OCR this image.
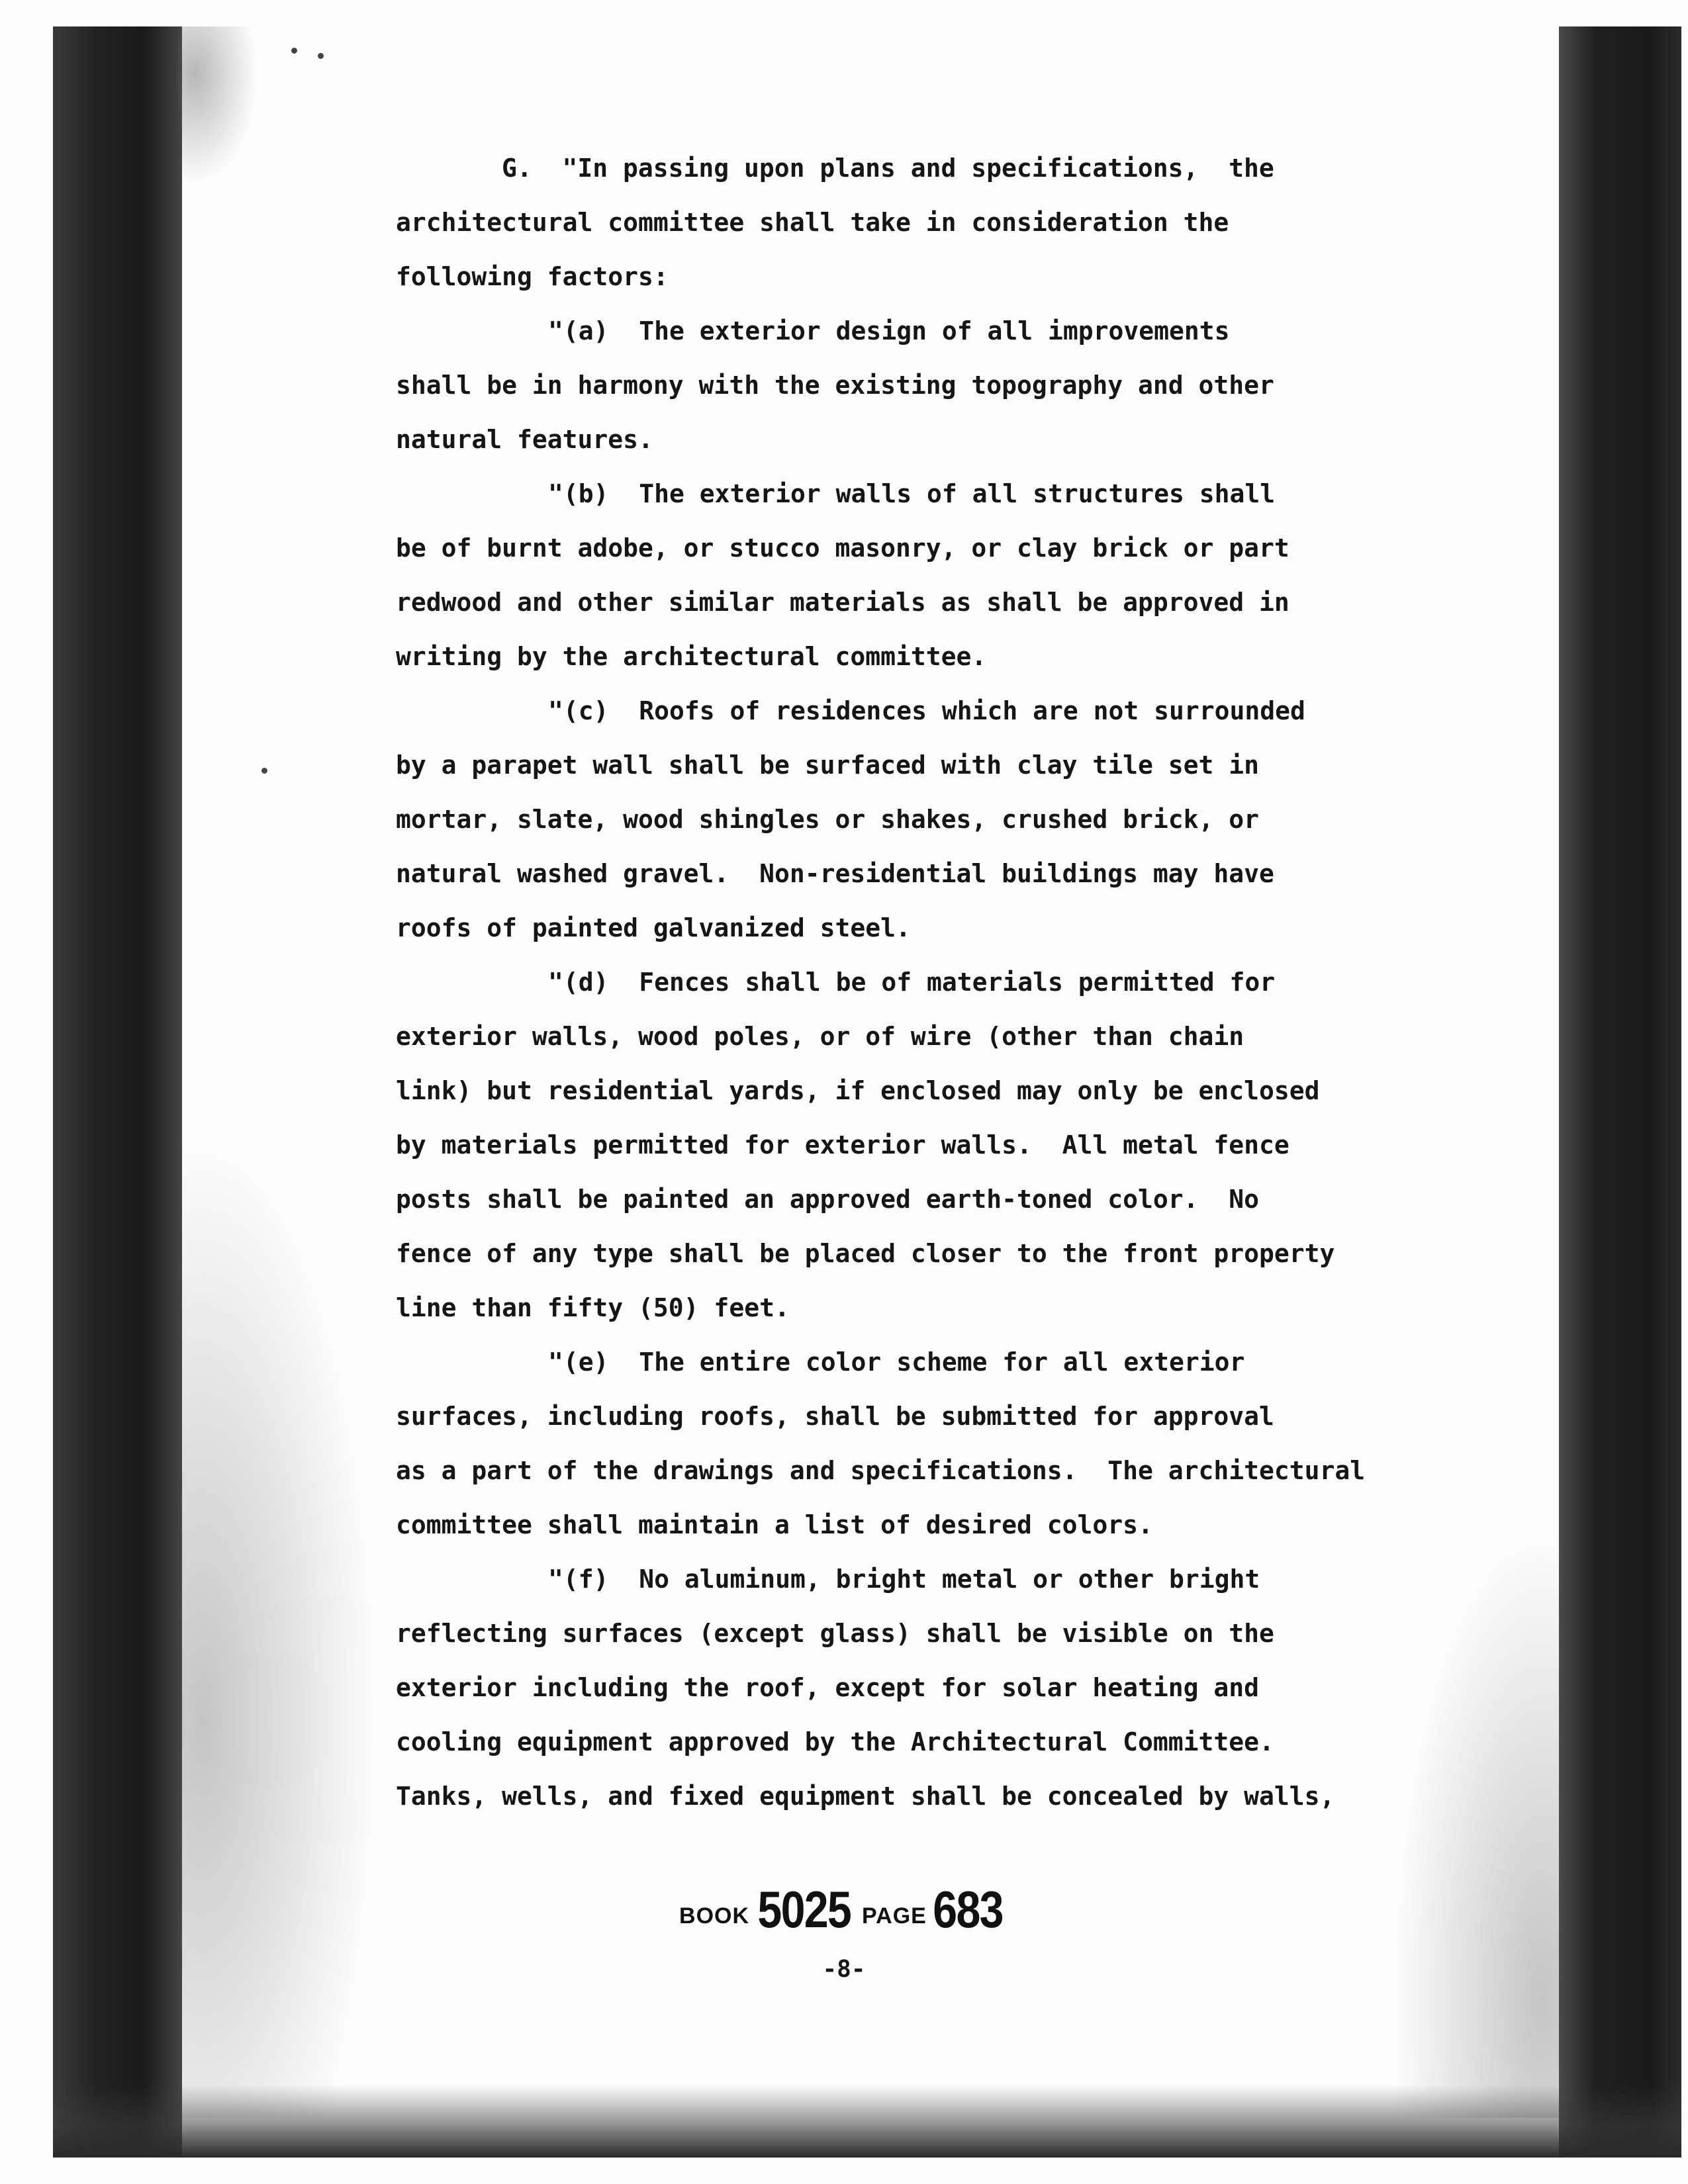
G.  "In passing upon plans and specifications,  the
architectural committee shall take in consideration the
following factors:
"(a)  The exterior design of all improvements
shall be in harmony with the existing topography and other
natural features.
"(b)  The exterior walls of all structures shall
be of burnt adobe, or stucco masonry, or clay brick or part
redwood and other similar materials as shall be approved in
writing by the architectural committee.
"(c)  Roofs of residences which are not surrounded
by a parapet wall shall be surfaced with clay tile set in
mortar, slate, wood shingles or shakes, crushed brick, or
natural washed gravel.  Non-residential buildings may have
roofs of painted galvanized steel.
"(d)  Fences shall be of materials permitted for
exterior walls, wood poles, or of wire (other than chain
link) but residential yards, if enclosed may only be enclosed
by materials permitted for exterior walls.  All metal fence
posts shall be painted an approved earth-toned color.  No
fence of any type shall be placed closer to the front property
line than fifty (50) feet.
"(e)  The entire color scheme for all exterior
surfaces, including roofs, shall be submitted for approval
as a part of the drawings and specifications.  The architectural
committee shall maintain a list of desired colors.
"(f)  No aluminum, bright metal or other bright
reflecting surfaces (except glass) shall be visible on the
exterior including the roof, except for solar heating and
cooling equipment approved by the Architectural Committee.
Tanks, wells, and fixed equipment shall be concealed by walls,
BOOK 5025 PAGE 683
-8-
